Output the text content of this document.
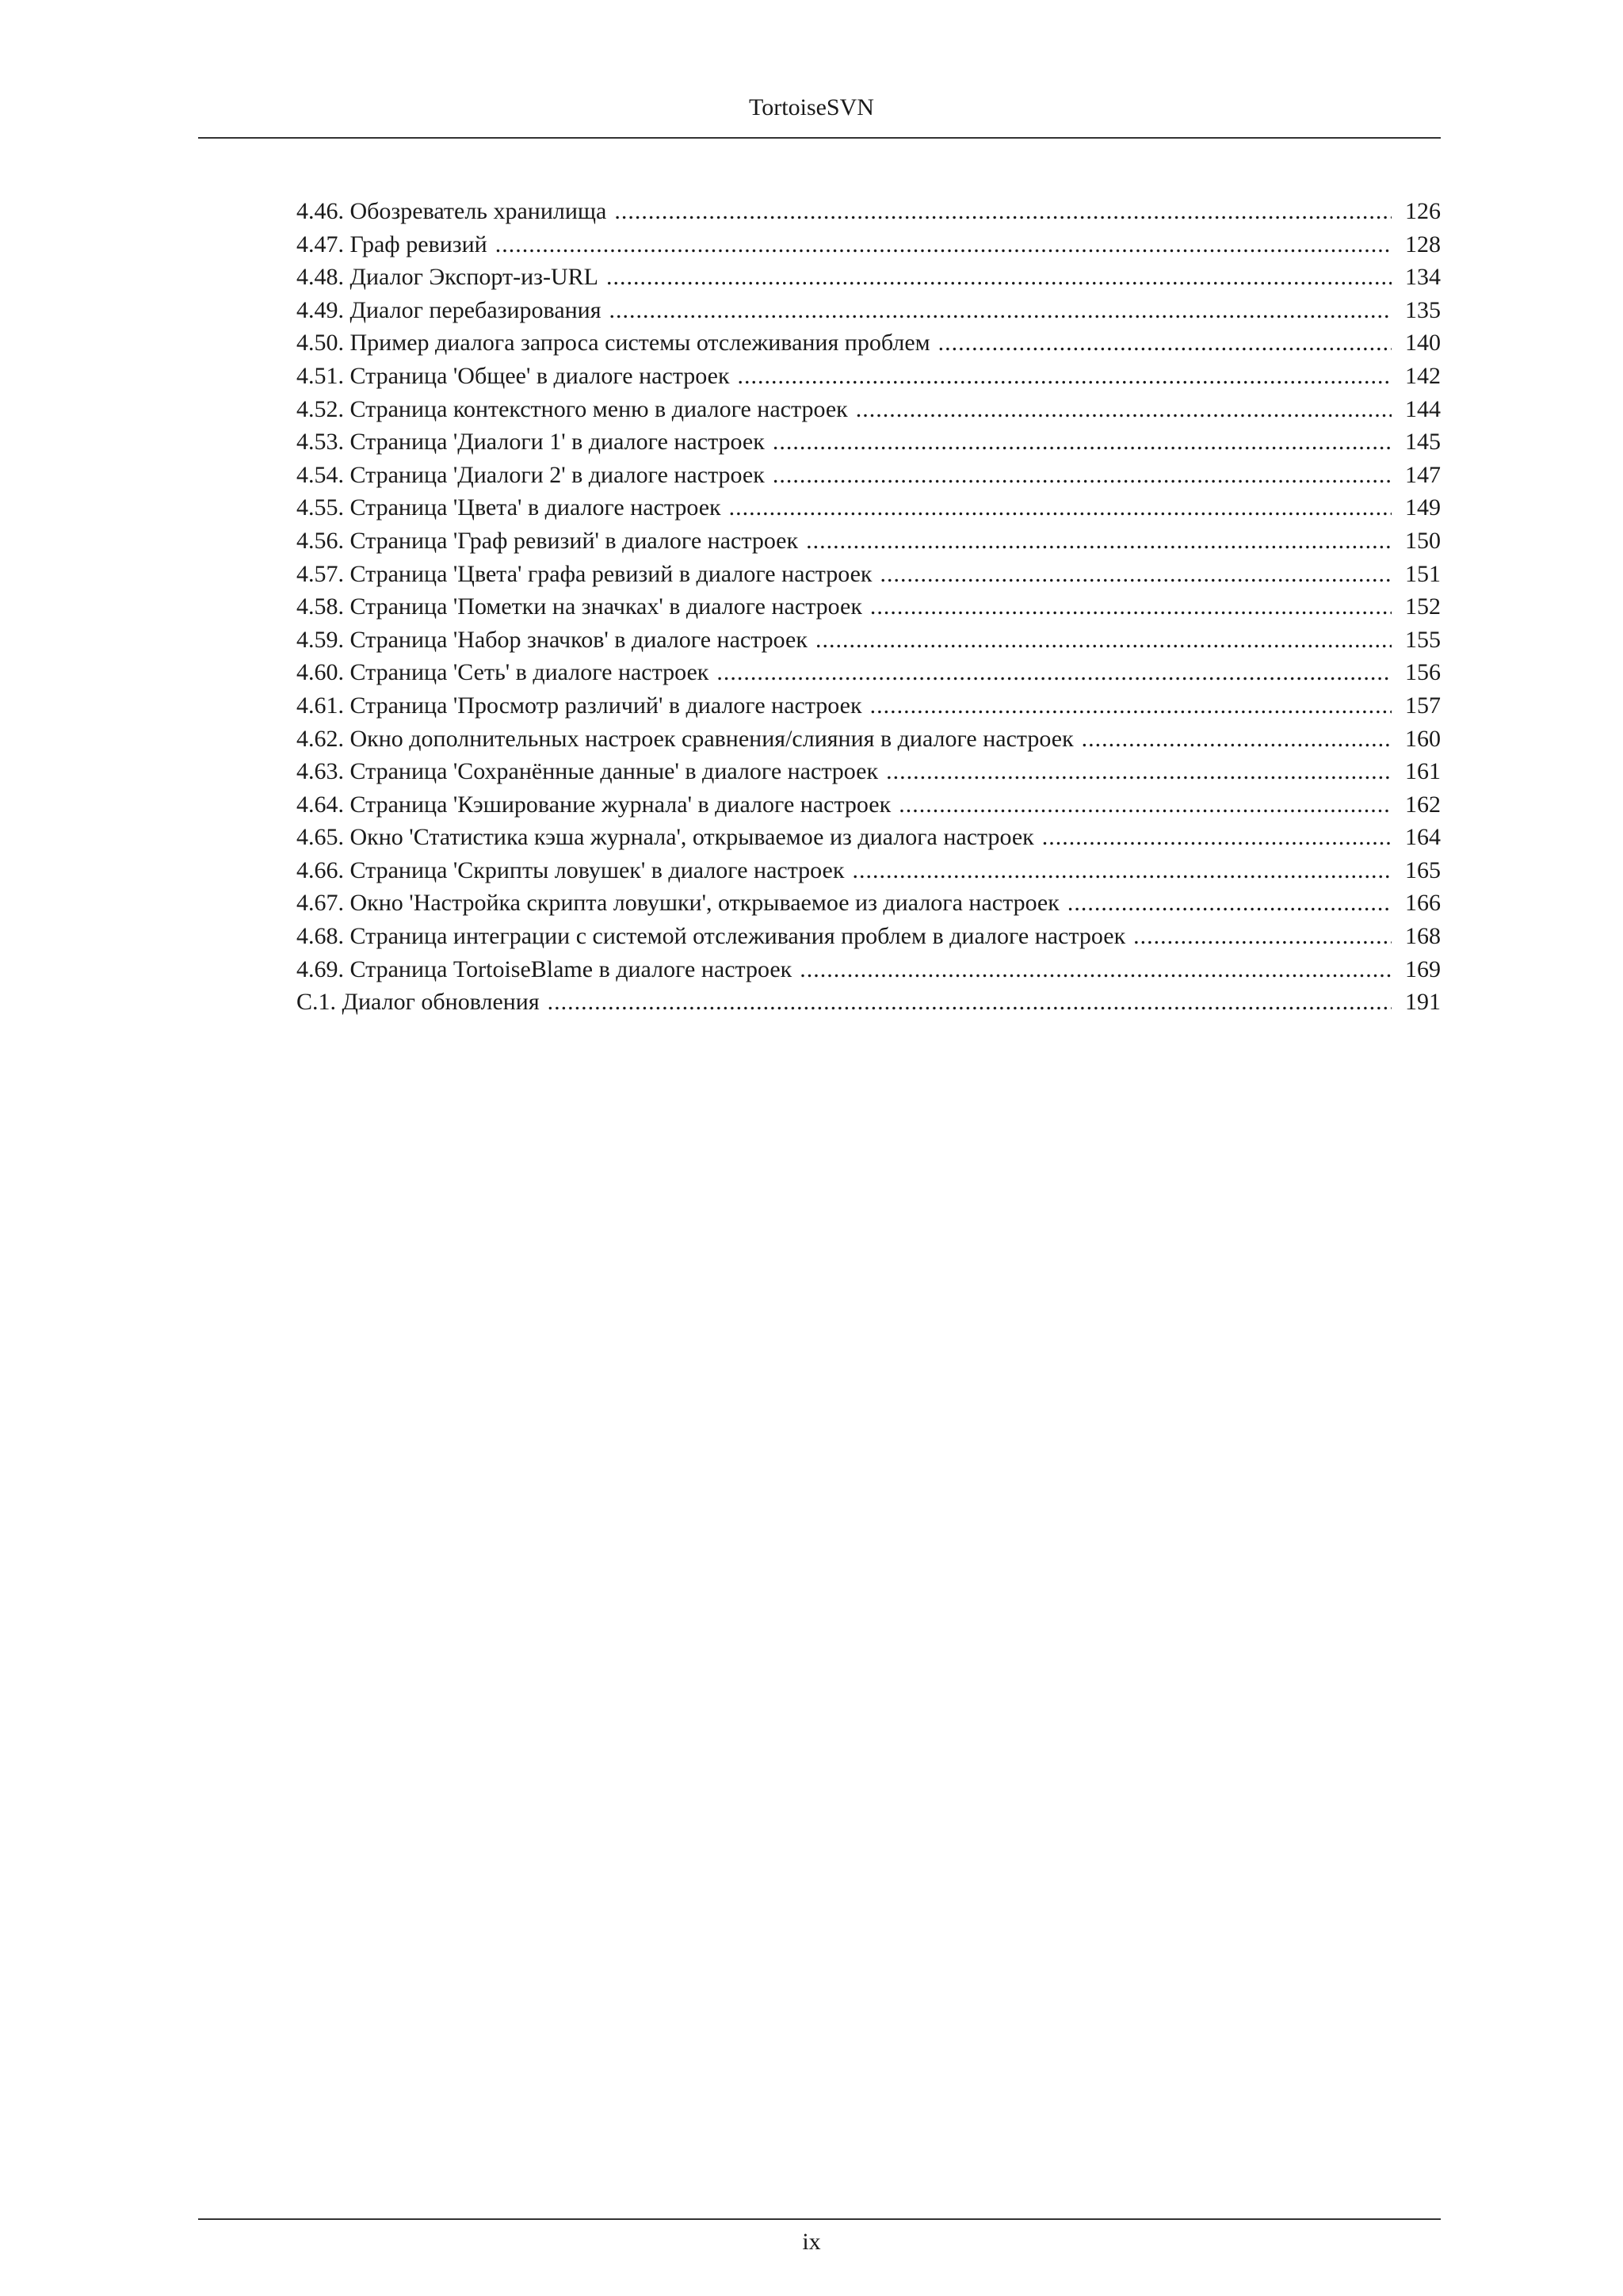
TortoiseSVN
4.46. Обозреватель хранилища .....	126
4.47. Граф ревизий .....	128
4.48. Диалог Экспорт-из-URL .....	134
4.49. Диалог перебазирования .....	135
4.50. Пример диалога запроса системы отслеживания проблем .....	140
4.51. Страница 'Общее' в диалоге настроек .....	142
4.52. Страница контекстного меню в диалоге настроек .....	144
4.53. Страница 'Диалоги 1' в диалоге настроек .....	145
4.54. Страница 'Диалоги 2' в диалоге настроек .....	147
4.55. Страница 'Цвета' в диалоге настроек .....	149
4.56. Страница 'Граф ревизий' в диалоге настроек .....	150
4.57. Страница 'Цвета' графа ревизий в диалоге настроек .....	151
4.58. Страница 'Пометки на значках' в диалоге настроек .....	152
4.59. Страница 'Набор значков' в диалоге настроек .....	155
4.60. Страница 'Сеть' в диалоге настроек .....	156
4.61. Страница 'Просмотр различий' в диалоге настроек .....	157
4.62. Окно дополнительных настроек сравнения/слияния в диалоге настроек .....	160
4.63. Страница 'Сохранённые данные' в диалоге настроек .....	161
4.64. Страница 'Кэширование журнала' в диалоге настроек .....	162
4.65. Окно 'Статистика кэша журнала', открываемое из диалога настроек .....	164
4.66. Страница 'Скрипты ловушек' в диалоге настроек .....	165
4.67. Окно 'Настройка скрипта ловушки', открываемое из диалога настроек .....	166
4.68. Страница интеграции с системой отслеживания проблем в диалоге настроек .....	168
4.69. Страница TortoiseBlame в диалоге настроек .....	169
C.1. Диалог обновления .....	191
ix
